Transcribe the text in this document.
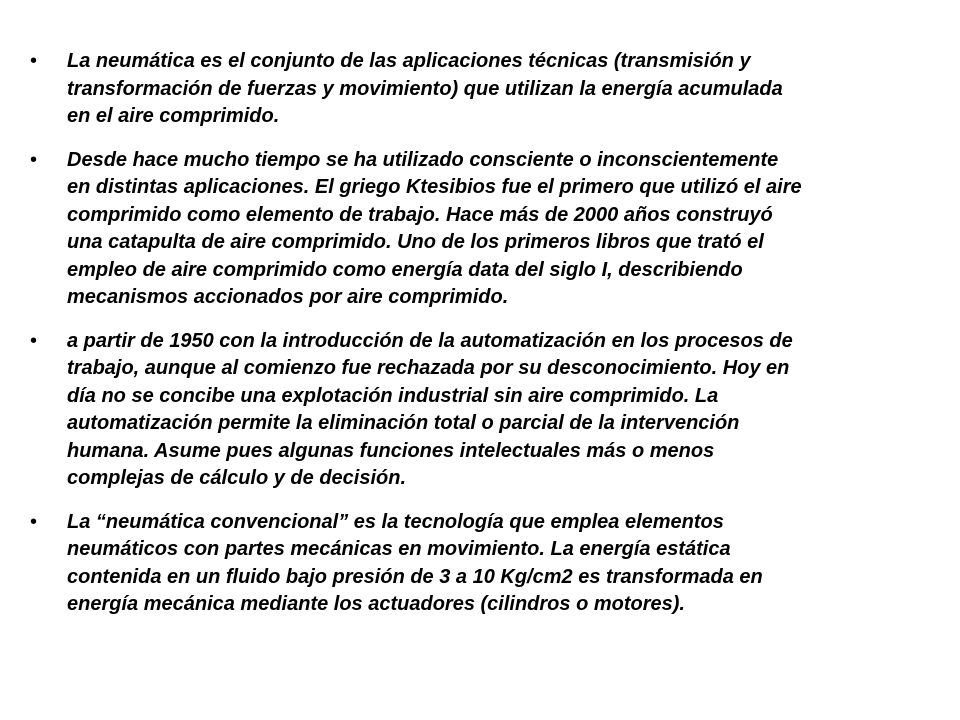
• La neumática es el conjunto de las aplicaciones técnicas (transmisión y
transformación de fuerzas y movimiento) que utilizan la energía acumulada
en el aire comprimido.
• Desde hace mucho tiempo se ha utilizado consciente o inconscientemente
en distintas aplicaciones. El griego Ktesibios fue el primero que utilizó el aire
comprimido como elemento de trabajo. Hace más de 2000 años construyó
una catapulta de aire comprimido. Uno de los primeros libros que trató el
empleo de aire comprimido como energía data del siglo I, describiendo
mecanismos accionados por aire comprimido.
• a partir de 1950 con la introducción de la automatización en los procesos de
trabajo, aunque al comienzo fue rechazada por su desconocimiento. Hoy en
día no se concibe una explotación industrial sin aire comprimido. La
automatización permite la eliminación total o parcial de la intervención
humana. Asume pues algunas funciones intelectuales más o menos
complejas de cálculo y de decisión.
• La “neumática convencional” es la tecnología que emplea elementos
neumáticos con partes mecánicas en movimiento. La energía estática
contenida en un fluido bajo presión de 3 a 10 Kg/cm2 es transformada en
energía mecánica mediante los actuadores (cilindros o motores).
